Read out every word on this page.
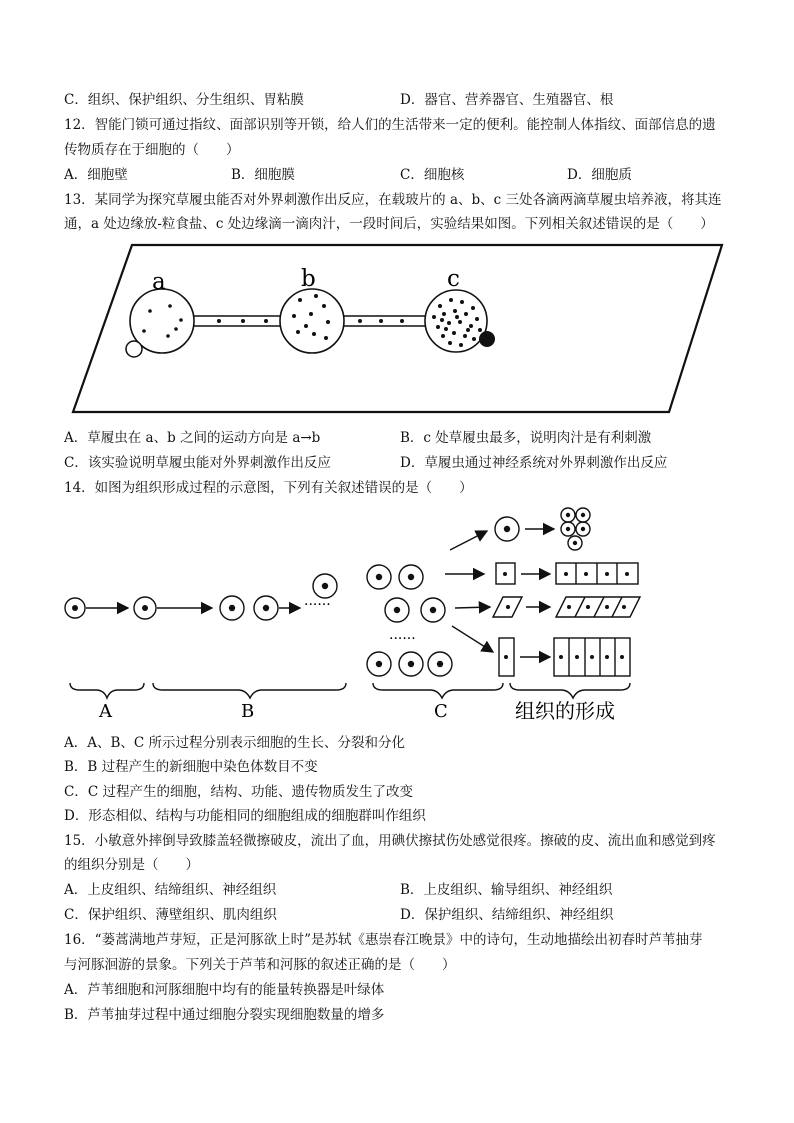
C．组织、保护组织、分生组织、胃粘膜	D．器官、营养器官、生殖器官、根
12．智能门锁可通过指纹、面部识别等开锁，给人们的生活带来一定的便利。能控制人体指纹、面部信息的遗
传物质存在于细胞的（　　）
A．细胞壁	B．细胞膜	C．细胞核	D．细胞质
13．某同学为探究草履虫能否对外界刺激作出反应，在载玻片的 a、b、c 三处各滴两滴草履虫培养液，将其连
通，a 处边缘放-粒食盐、c 处边缘滴一滴肉汁，一段时间后，实验结果如图。下列相关叙述错误的是（　　）
a	b	c
A．草履虫在 a、b 之间的运动方向是 a→b	B．c 处草履虫最多，说明肉汁是有利刺激
C．该实验说明草履虫能对外界刺激作出反应	D．草履虫通过神经系统对外界刺激作出反应
14．如图为组织形成过程的示意图，下列有关叙述错误的是（　　）
······
······
A	B	C	组织的形成
A．A、B、C 所示过程分别表示细胞的生长、分裂和分化
B．B 过程产生的新细胞中染色体数目不变
C．C 过程产生的细胞，结构、功能、遗传物质发生了改变
D．形态相似、结构与功能相同的细胞组成的细胞群叫作组织
15．小敏意外摔倒导致膝盖轻微擦破皮，流出了血，用碘伏擦拭伤处感觉很疼。擦破的皮、流出血和感觉到疼
的组织分别是（　　）
A．上皮组织、结缔组织、神经组织	B．上皮组织、输导组织、神经组织
C．保护组织、薄壁组织、肌肉组织	D．保护组织、结缔组织、神经组织
16．“蒌蒿满地芦芽短，正是河豚欲上时”是苏轼《惠崇春江晚景》中的诗句，生动地描绘出初春时芦苇抽芽
与河豚洄游的景象。下列关于芦苇和河豚的叙述正确的是（　　）
A．芦苇细胞和河豚细胞中均有的能量转换器是叶绿体
B．芦苇抽芽过程中通过细胞分裂实现细胞数量的增多
